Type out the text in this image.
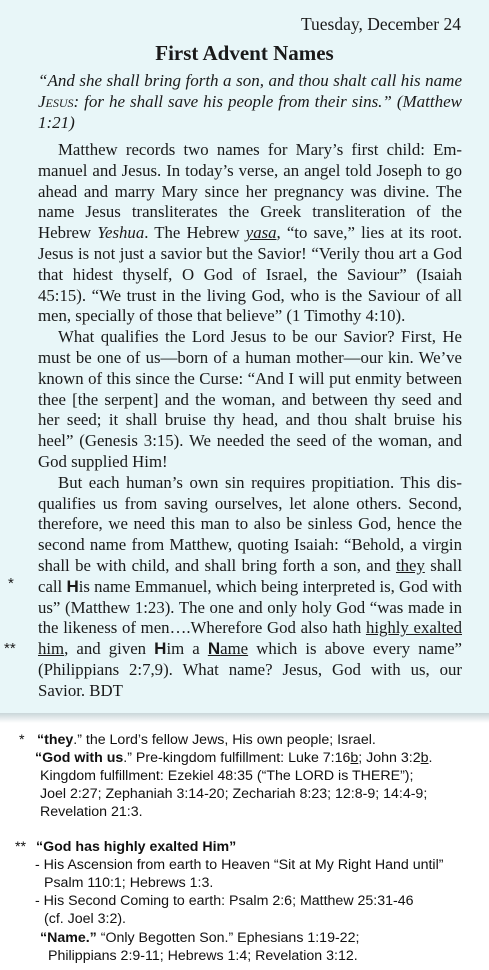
Tuesday, December 24
First Advent Names
“And she shall bring forth a son, and thou shalt call his name Jesus: for he shall save his people from their sins.” (Matthew 1:21)

Matthew records two names for Mary’s first child: Emmanuel and Jesus. In today’s verse, an angel told Joseph to go ahead and marry Mary since her pregnancy was divine. The name Jesus transliterates the Greek transliteration of the Hebrew Yeshua. The Hebrew yasa, “to save,” lies at its root. Jesus is not just a savior but the Savior! “Verily thou art a God that hidest thyself, O God of Israel, the Saviour” (Isaiah 45:15). “We trust in the living God, who is the Saviour of all men, specially of those that believe” (1 Timothy 4:10).

What qualifies the Lord Jesus to be our Savior? First, He must be one of us—born of a human mother—our kin. We’ve known of this since the Curse: “And I will put enmity between thee [the serpent] and the woman, and between thy seed and her seed; it shall bruise thy head, and thou shalt bruise his heel” (Genesis 3:15). We needed the seed of the woman, and God supplied Him!

But each human’s own sin requires propitiation. This disqualifies us from saving ourselves, let alone others. Second, therefore, we need this man to also be sinless God, hence the second name from Matthew, quoting Isaiah: “Behold, a virgin shall be with child, and shall bring forth a son, and they shall call His name Emmanuel, which being interpreted is, God with us” (Matthew 1:23). The one and only holy God “was made in the likeness of men….Wherefore God also hath highly exalted him, and given Him a Name which is above every name” (Philippians 2:7,9). What name? Jesus, God with us, our Savior. BDT

*
**
* “they.” the Lord’s fellow Jews, His own people; Israel.
“God with us.” Pre-kingdom fulfillment: Luke 7:16b; John 3:2b.
Kingdom fulfillment: Ezekiel 48:35 (“The LORD is THERE”);
Joel 2:27; Zephaniah 3:14-20; Zechariah 8:23; 12:8-9; 14:4-9;
Revelation 21:3.
** “God has highly exalted Him”
- His Ascension from earth to Heaven “Sit at My Right Hand until”
Psalm 110:1; Hebrews 1:3.
- His Second Coming to earth: Psalm 2:6; Matthew 25:31-46
(cf. Joel 3:2).
“Name.” “Only Begotten Son.” Ephesians 1:19-22;
Philippians 2:9-11; Hebrews 1:4; Revelation 3:12.
